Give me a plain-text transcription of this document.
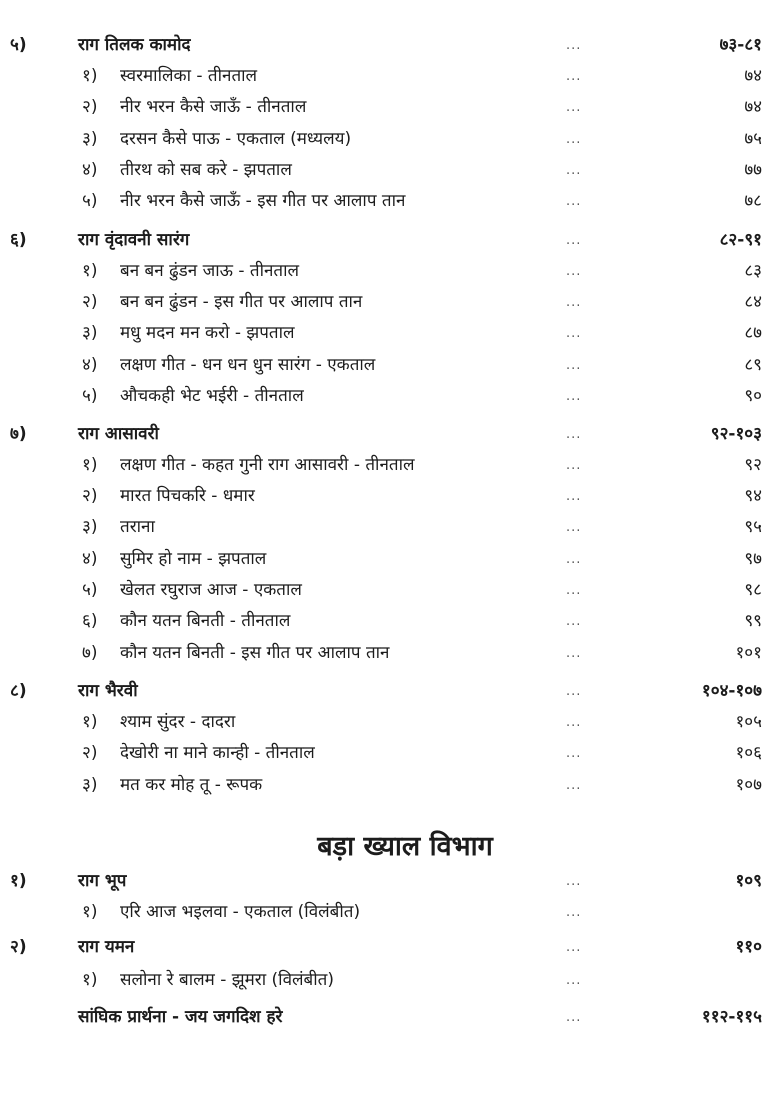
५)	राग तिलक कामोद	...	७३-८१
१) स्वरमालिका - तीनताल	...	७४
२) नीर भरन कैसे जाऊँ - तीनताल	...	७४
३) दरसन कैसे पाऊ - एकताल (मध्यलय)	...	७५
४) तीरथ को सब करे - झपताल	...	७७
५) नीर भरन कैसे जाऊँ - इस गीत पर आलाप तान	...	७८
६)	राग वृंदावनी सारंग	...	८२-९१
१) बन बन ढुंडन जाऊ - तीनताल	...	८३
२) बन बन ढुंडन - इस गीत पर आलाप तान	...	८४
३) मधु मदन मन करो - झपताल	...	८७
४) लक्षण गीत - धन धन धुन सारंग - एकताल	...	८९
५) औचकही भेट भईरी - तीनताल	...	९०
७)	राग आसावरी	...	९२-१०३
१) लक्षण गीत - कहत गुनी राग आसावरी - तीनताल	...	९२
२) मारत पिचकरि - धमार	...	९४
३) तराना	...	९५
४) सुमिर हो नाम - झपताल	...	९७
५) खेलत रघुराज आज - एकताल	...	९८
६) कौन यतन बिनती - तीनताल	...	९९
७) कौन यतन बिनती - इस गीत पर आलाप तान	...	१०१
८)	राग भैरवी	...	१०४-१०७
१) श्याम सुंदर - दादरा	...	१०५
२) देखोरी ना माने कान्ही - तीनताल	...	१०६
३) मत कर मोह तू - रूपक	...	१०७
बड़ा ख्याल विभाग
१)	राग भूप	...	१०९
१) एरि आज भइलवा - एकताल (विलंबीत)	...
२)	राग यमन	...	११०
१) सलोना रे बालम - झूमरा (विलंबीत)	...
सांघिक प्रार्थना - जय जगदिश हरे	...	११२-११५
